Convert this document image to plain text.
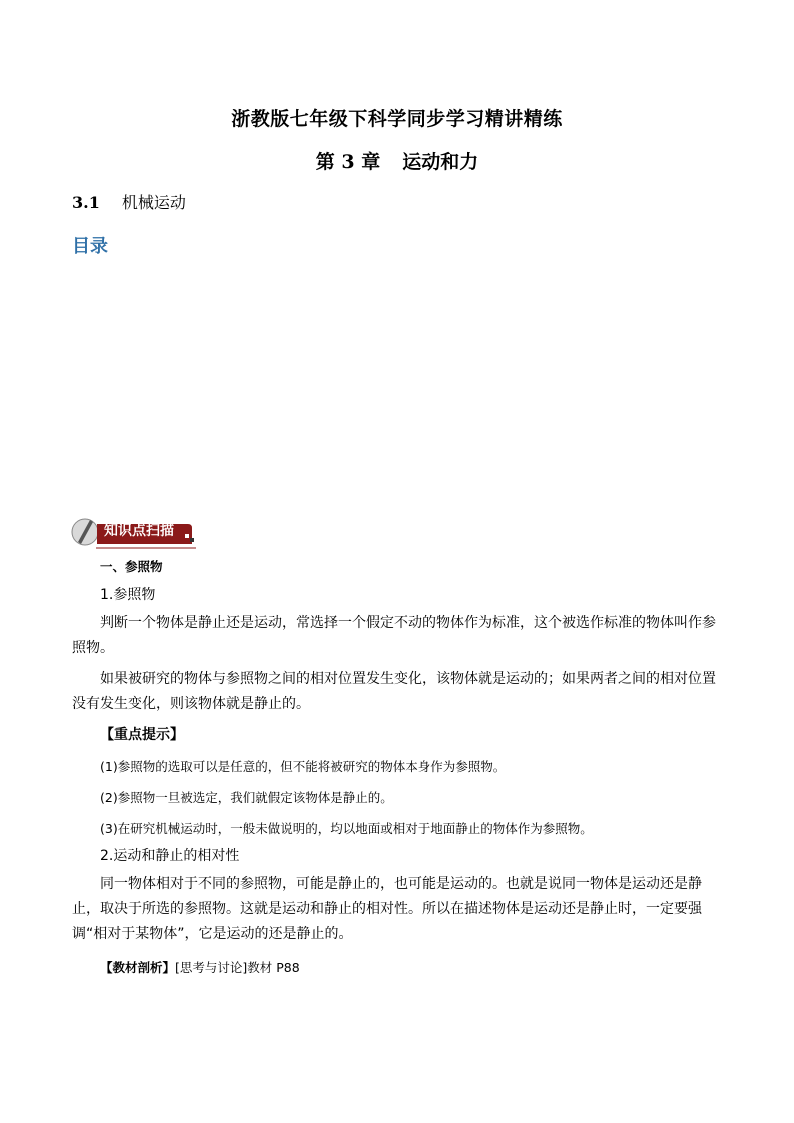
浙教版七年级下科学同步学习精讲精练
第 3 章 运动和力
3.1 机械运动
目录
知识点扫描
一、参照物
1.参照物

判断一个物体是静止还是运动，常选择一个假定不动的物体作为标准，这个被选作标准的物体叫作参照物。

如果被研究的物体与参照物之间的相对位置发生变化，该物体就是运动的；如果两者之间的相对位置没有发生变化，则该物体就是静止的。

【重点提示】
(1)参照物的选取可以是任意的，但不能将被研究的物体本身作为参照物。
(2)参照物一旦被选定，我们就假定该物体是静止的。
(3)在研究机械运动时，一般未做说明的，均以地面或相对于地面静止的物体作为参照物。
2.运动和静止的相对性

同一物体相对于不同的参照物，可能是静止的，也可能是运动的。也就是说同一物体是运动还是静止，取决于所选的参照物。这就是运动和静止的相对性。所以在描述物体是运动还是静止时，一定要强调“相对于某物体”，它是运动的还是静止的。

【教材剖析】[思考与讨论]教材 P88
